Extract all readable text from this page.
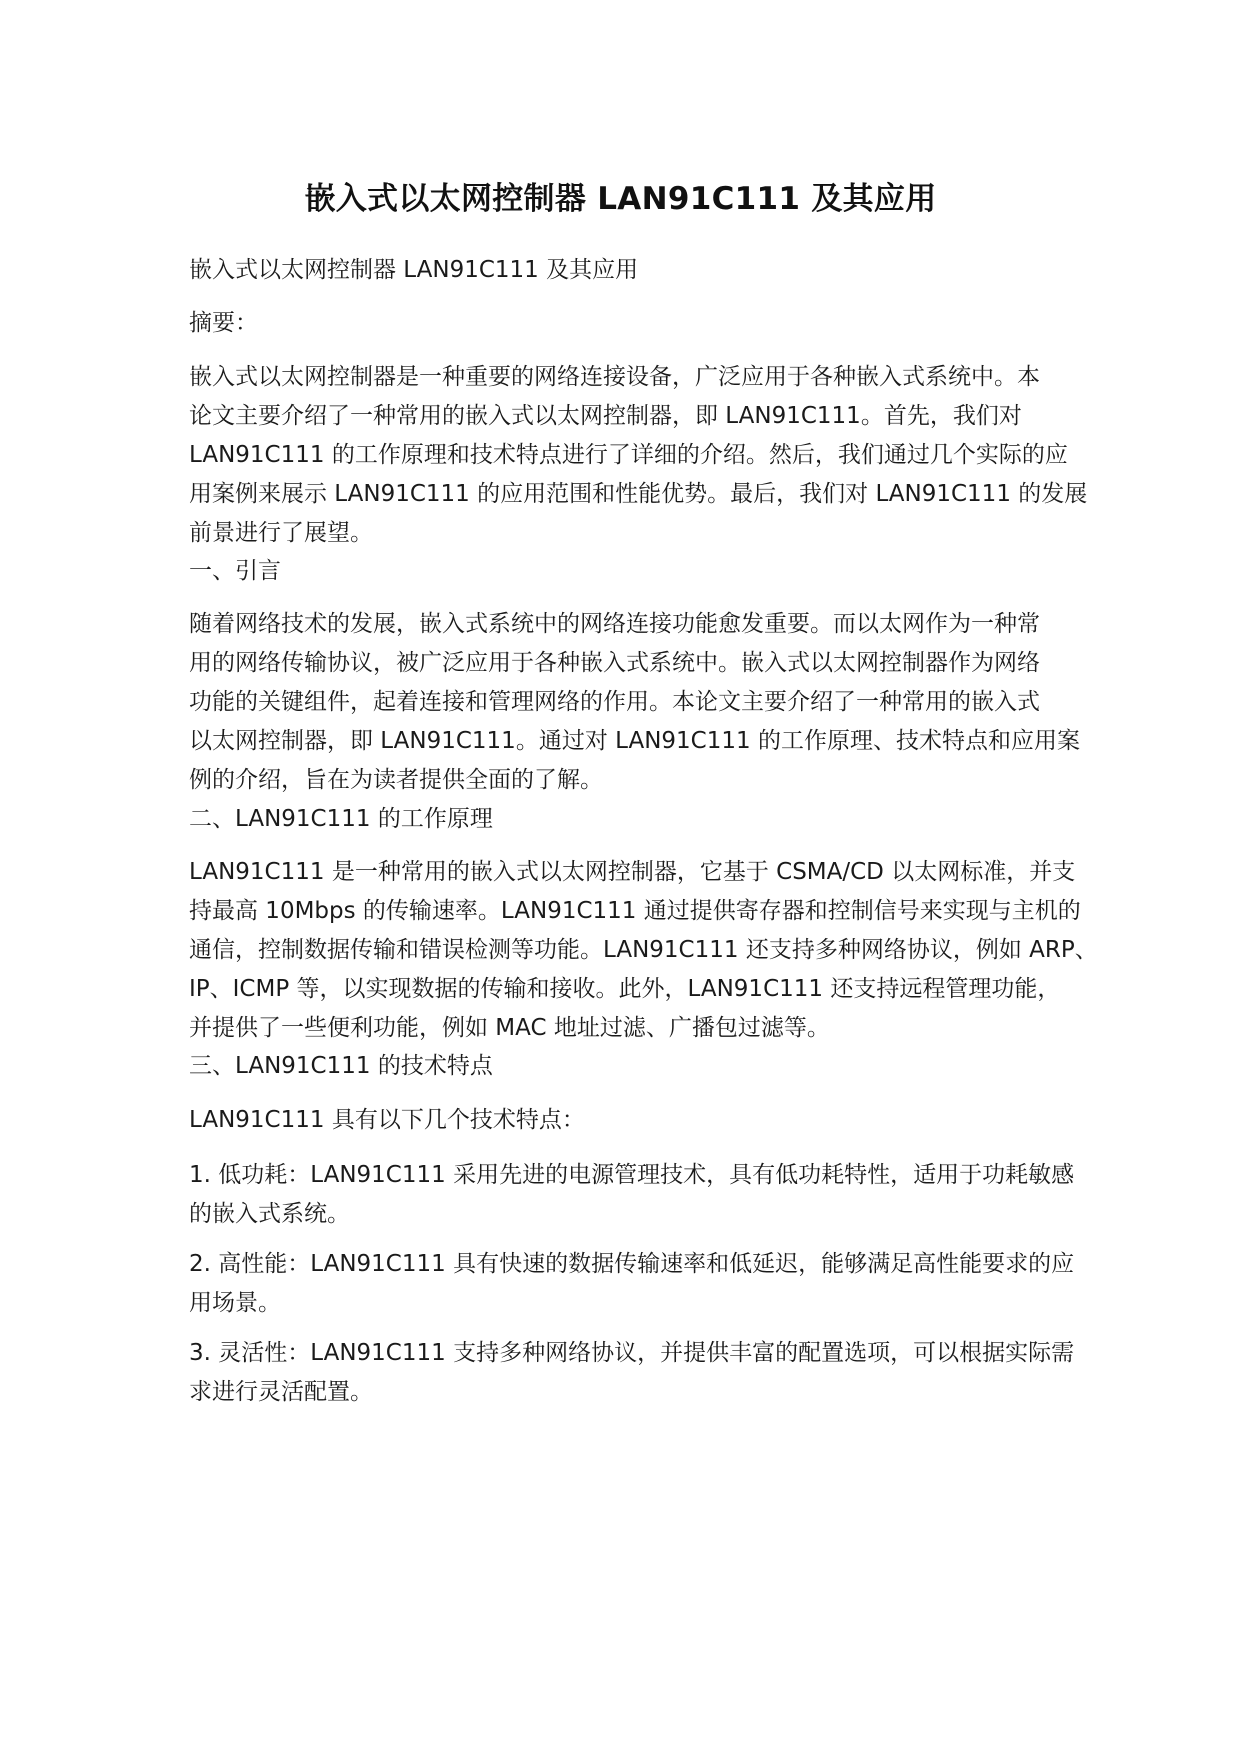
嵌入式以太网控制器 LAN91C111 及其应用
嵌入式以太网控制器 LAN91C111 及其应用
摘要：
嵌入式以太网控制器是一种重要的网络连接设备，广泛应用于各种嵌入式系统中。本
论文主要介绍了一种常用的嵌入式以太网控制器，即 LAN91C111。首先，我们对
LAN91C111 的工作原理和技术特点进行了详细的介绍。然后，我们通过几个实际的应
用案例来展示 LAN91C111 的应用范围和性能优势。最后，我们对 LAN91C111 的发展
前景进行了展望。
一、引言
随着网络技术的发展，嵌入式系统中的网络连接功能愈发重要。而以太网作为一种常
用的网络传输协议，被广泛应用于各种嵌入式系统中。嵌入式以太网控制器作为网络
功能的关键组件，起着连接和管理网络的作用。本论文主要介绍了一种常用的嵌入式
以太网控制器，即 LAN91C111。通过对 LAN91C111 的工作原理、技术特点和应用案
例的介绍，旨在为读者提供全面的了解。
二、LAN91C111 的工作原理
LAN91C111 是一种常用的嵌入式以太网控制器，它基于 CSMA/CD 以太网标准，并支
持最高 10Mbps 的传输速率。LAN91C111 通过提供寄存器和控制信号来实现与主机的
通信，控制数据传输和错误检测等功能。LAN91C111 还支持多种网络协议，例如 ARP、
IP、ICMP 等，以实现数据的传输和接收。此外，LAN91C111 还支持远程管理功能，
并提供了一些便利功能，例如 MAC 地址过滤、广播包过滤等。
三、LAN91C111 的技术特点
LAN91C111 具有以下几个技术特点：
1. 低功耗：LAN91C111 采用先进的电源管理技术，具有低功耗特性，适用于功耗敏感
的嵌入式系统。
2. 高性能：LAN91C111 具有快速的数据传输速率和低延迟，能够满足高性能要求的应
用场景。
3. 灵活性：LAN91C111 支持多种网络协议，并提供丰富的配置选项，可以根据实际需
求进行灵活配置。
